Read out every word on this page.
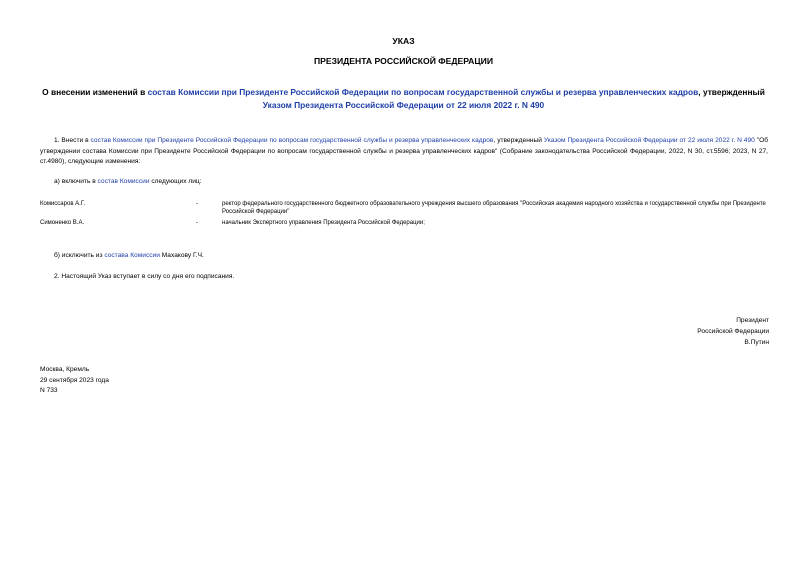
УКАЗ
ПРЕЗИДЕНТА РОССИЙСКОЙ ФЕДЕРАЦИИ
О внесении изменений в состав Комиссии при Президенте Российской Федерации по вопросам государственной службы и резерва управленческих кадров, утвержденный Указом Президента Российской Федерации от 22 июля 2022 г. N 490
1. Внести в состав Комиссии при Президенте Российской Федерации по вопросам государственной службы и резерва управленческих кадров, утвержденный Указом Президента Российской Федерации от 22 июля 2022 г. N 490 "Об утверждении состава Комиссии при Президенте Российской Федерации по вопросам государственной службы и резерва управленческих кадров" (Собрание законодательства Российской Федерации, 2022, N 30, ст.5596; 2023, N 27, ст.4980), следующие изменения:
а) включить в состав Комиссии следующих лиц:
Комиссаров А.Г.	-	ректор федерального государственного бюджетного образовательного учреждения высшего образования "Российская академия народного хозяйства и государственной службы при Президенте Российской Федерации"
Симоненко В.А.	-	начальник Экспертного управления Президента Российской Федерации;
б) исключить из состава Комиссии Махакову Г.Ч.
2. Настоящий Указ вступает в силу со дня его подписания.
Президент
Российской Федерации
В.Путин
Москва, Кремль
29 сентября 2023 года
N 733
